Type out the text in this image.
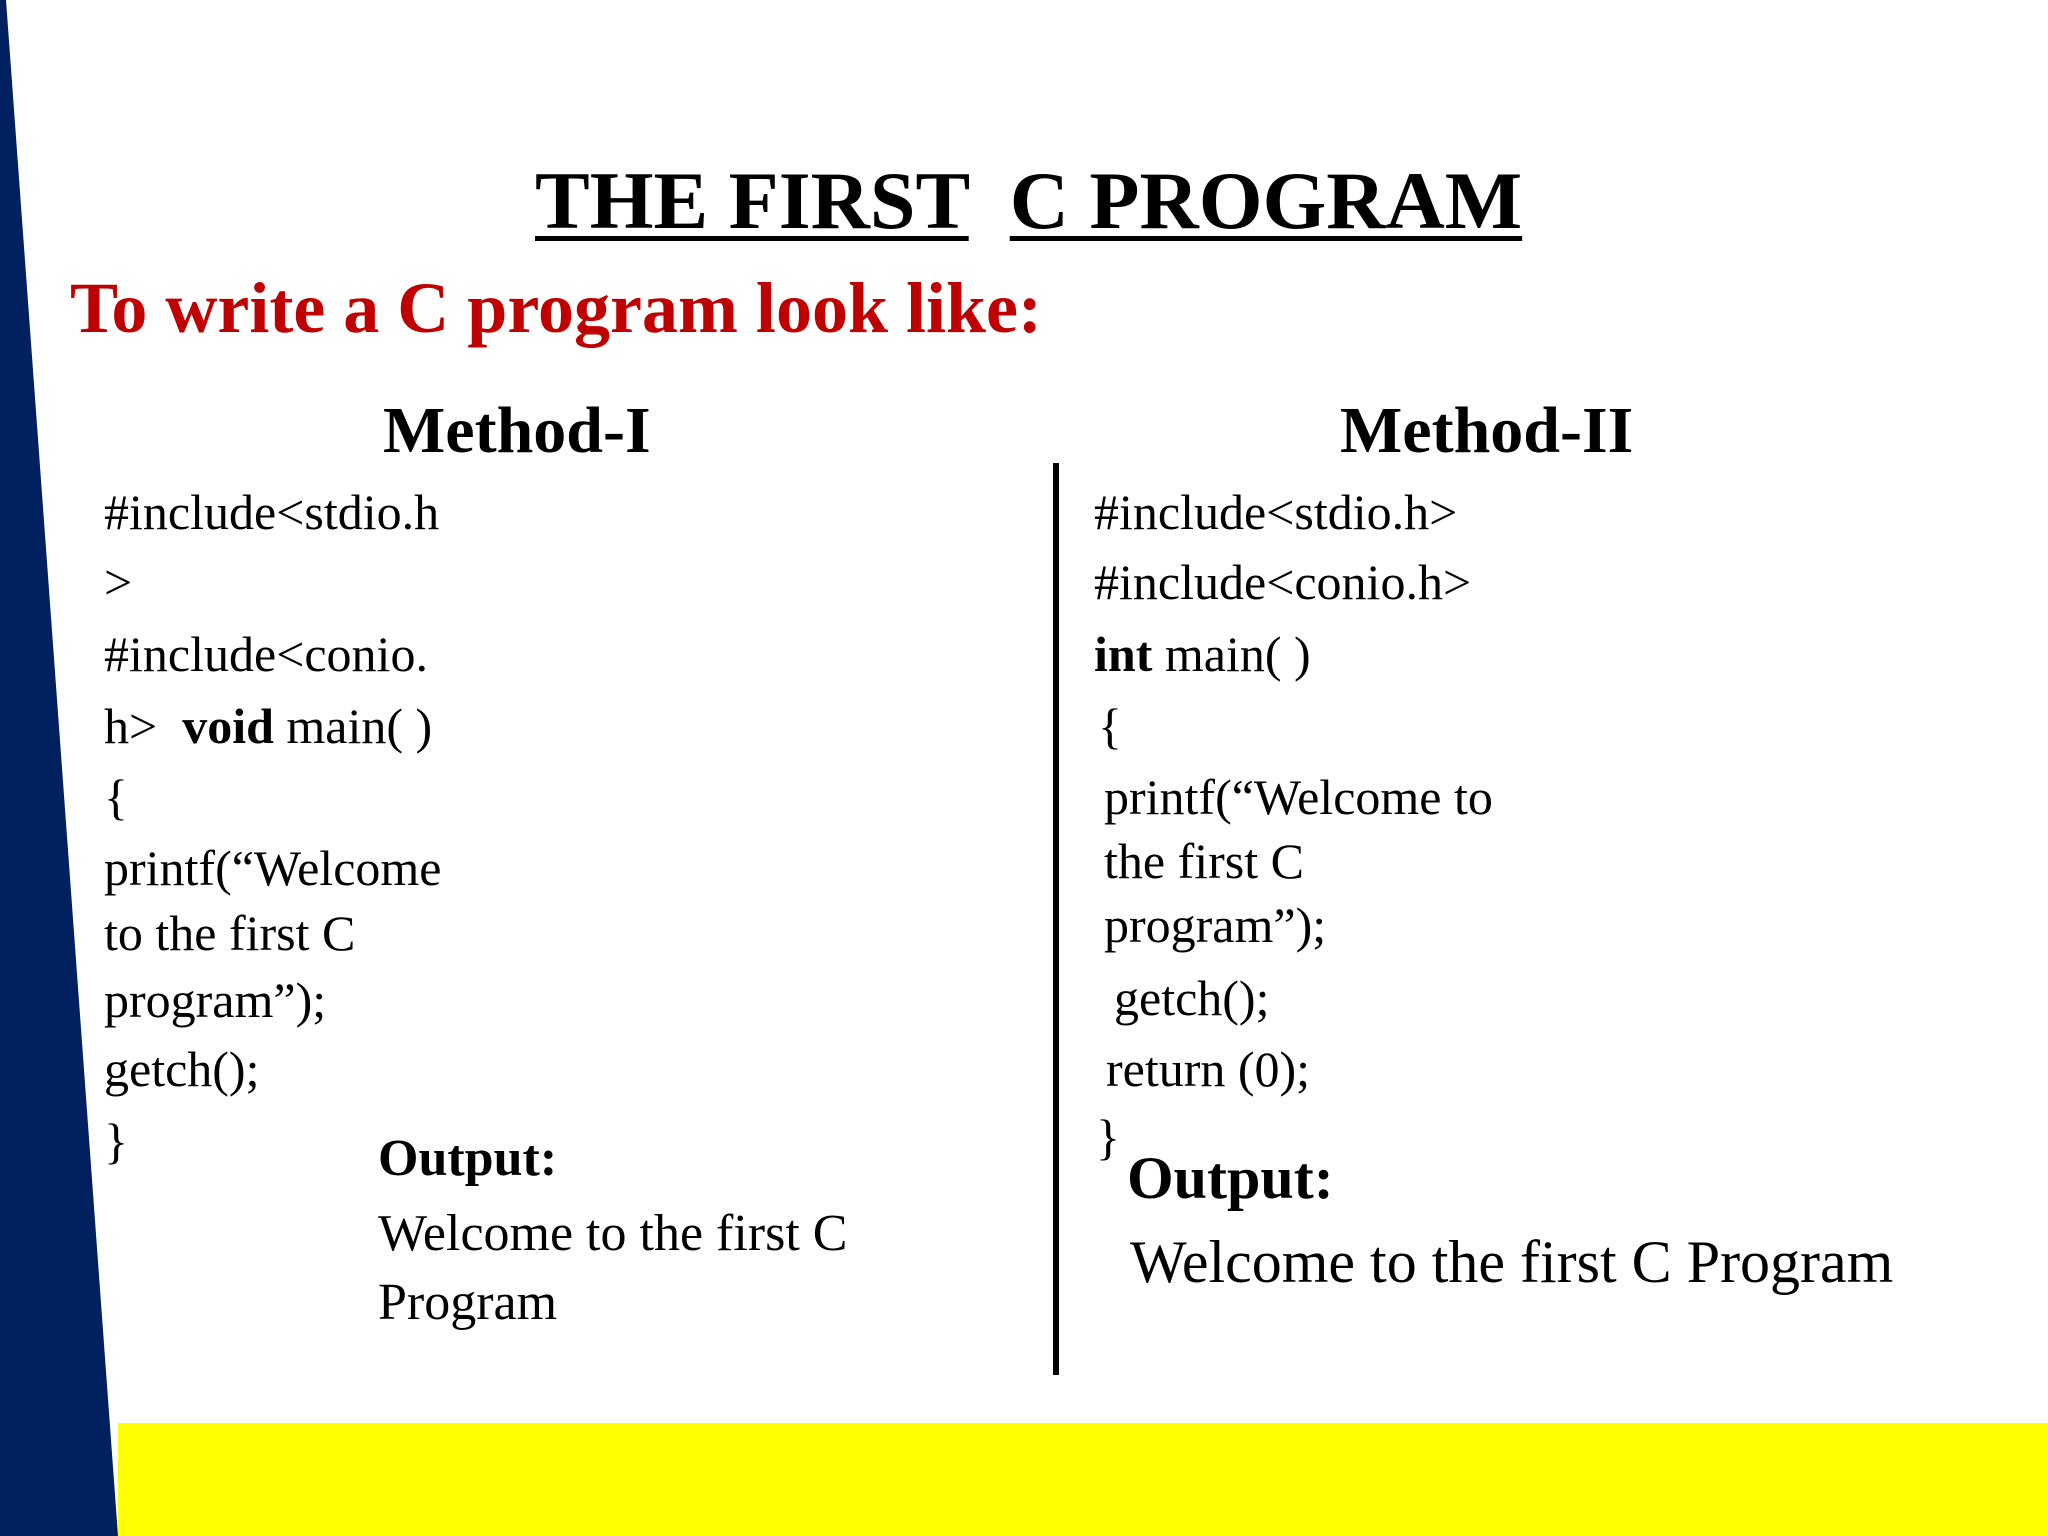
THE FIRST C PROGRAM
To write a C program look like:
Method-I
#include<stdio.h
>
#include<conio.
h> void main( )
{
printf(“Welcome
to the first C
program”);
getch();
}	Output:
Welcome to the first C
Program
Method-II
#include<stdio.h>
#include<conio.h>
int main( )
{
printf(“Welcome to
the first C
program”);
getch();
return (0);
}
Output:
Welcome to the first C Program
